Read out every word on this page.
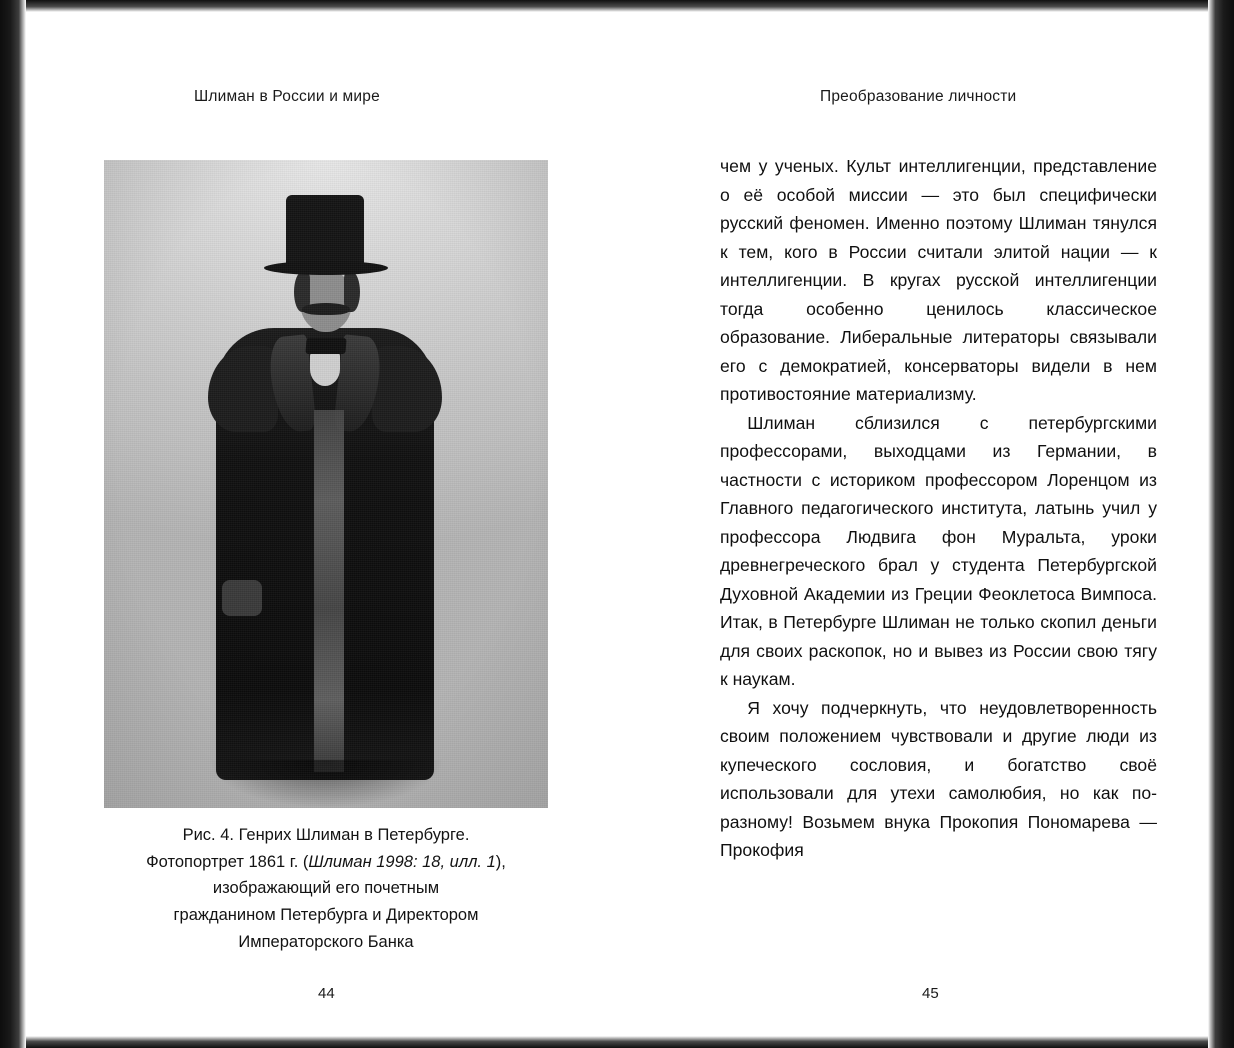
Шлиман в России и мире
Рис. 4. Генрих Шлиман в Петербурге.
Фотопортрет 1861 г. (Шлиман 1998: 18, илл. 1),
изображающий его почетным
гражданином Петербурга и Директором
Императорского Банка
44
Преобразование личности

чем у ученых. Культ интеллигенции, представление о её особой миссии — это был специфически русский феномен. Именно поэтому Шлиман тянулся к тем, кого в России считали элитой нации — к интеллигенции. В кругах русской интеллигенции тогда особенно ценилось классическое образование. Либеральные литераторы связывали его с демократией, консерваторы видели в нем противостояние материализму.

Шлиман сблизился с петербургскими профессорами, выходцами из Германии, в частности с историком профессором Лоренцом из Главного педагогического института, латынь учил у профессора Людвига фон Муральта, уроки древнегреческого брал у студента Петербургской Духовной Академии из Греции Феоклетоса Вимпоса. Итак, в Петербурге Шлиман не только скопил деньги для своих раскопок, но и вывез из России свою тягу к наукам.

Я хочу подчеркнуть, что неудовлетворенность своим положением чувствовали и другие люди из купеческого сословия, и богатство своё использовали для утехи самолюбия, но как по-разному! Возьмем внука Прокопия Пономарева — Прокофия

45
